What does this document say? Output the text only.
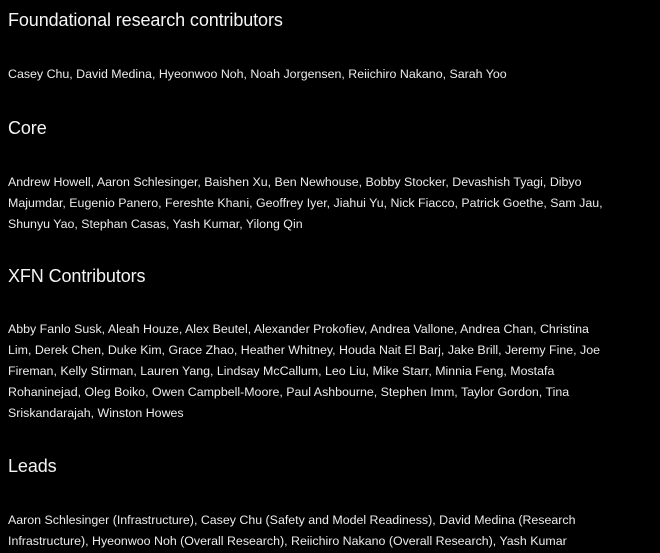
Foundational research contributors

Casey Chu, David Medina, Hyeonwoo Noh, Noah Jorgensen, Reiichiro Nakano, Sarah Yoo

Core

Andrew Howell, Aaron Schlesinger, Baishen Xu, Ben Newhouse, Bobby Stocker, Devashish Tyagi, Dibyo
Majumdar, Eugenio Panero, Fereshte Khani, Geoffrey Iyer, Jiahui Yu, Nick Fiacco, Patrick Goethe, Sam Jau,
Shunyu Yao, Stephan Casas, Yash Kumar, Yilong Qin

XFN Contributors

Abby Fanlo Susk, Aleah Houze, Alex Beutel, Alexander Prokofiev, Andrea Vallone, Andrea Chan, Christina
Lim, Derek Chen, Duke Kim, Grace Zhao, Heather Whitney, Houda Nait El Barj, Jake Brill, Jeremy Fine, Joe
Fireman, Kelly Stirman, Lauren Yang, Lindsay McCallum, Leo Liu, Mike Starr, Minnia Feng, Mostafa
Rohaninejad, Oleg Boiko, Owen Campbell-Moore, Paul Ashbourne, Stephen Imm, Taylor Gordon, Tina
Sriskandarajah, Winston Howes

Leads

Aaron Schlesinger (Infrastructure), Casey Chu (Safety and Model Readiness), David Medina (Research
Infrastructure), Hyeonwoo Noh (Overall Research), Reiichiro Nakano (Overall Research), Yash Kumar
